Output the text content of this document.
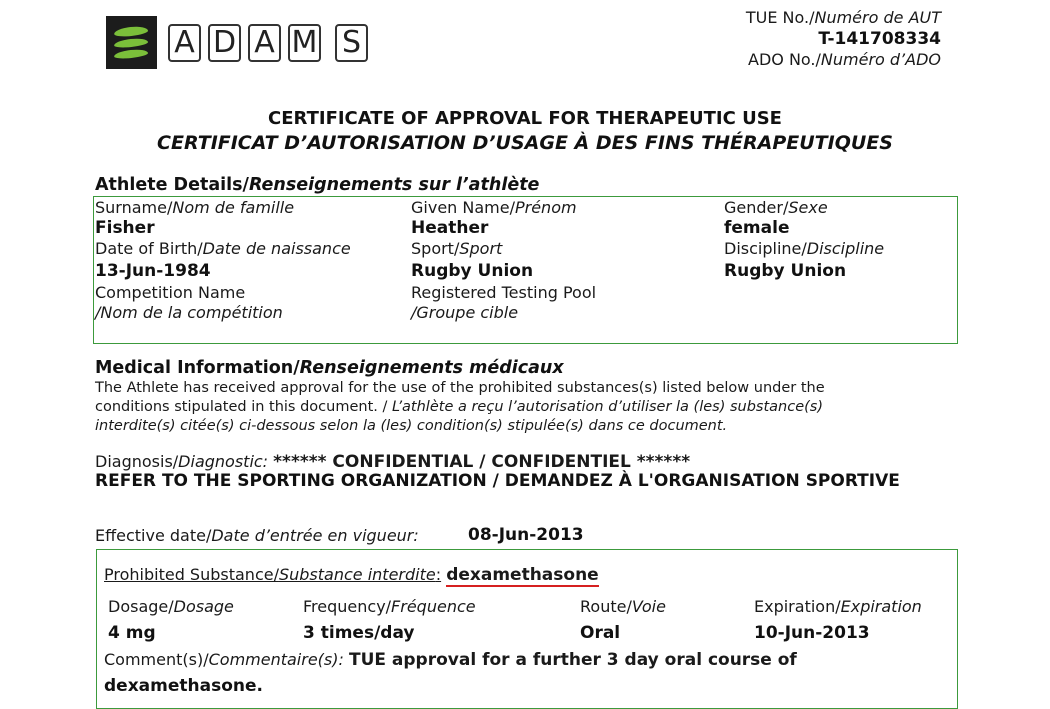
A D A M S
TUE No./Numéro de AUT
T-141708334
ADO No./Numéro d’ADO
CERTIFICATE OF APPROVAL FOR THERAPEUTIC USE
CERTIFICAT D’AUTORISATION D’USAGE À DES FINS THÉRAPEUTIQUES
Athlete Details/Renseignements sur l’athlète
Surname/Nom de famille
Fisher
Given Name/Prénom
Heather
Gender/Sexe
female
Date of Birth/Date de naissance
13-Jun-1984
Sport/Sport
Rugby Union
Discipline/Discipline
Rugby Union
Competition Name
/Nom de la compétition
Registered Testing Pool
/Groupe cible
Medical Information/Renseignements médicaux
The Athlete has received approval for the use of the prohibited substances(s) listed below under the
conditions stipulated in this document. / L’athlète a reçu l’autorisation d’utiliser la (les) substance(s)
interdite(s) citée(s) ci-dessous selon la (les) condition(s) stipulée(s) dans ce document.
Diagnosis/Diagnostic: ****** CONFIDENTIAL / CONFIDENTIEL ******
REFER TO THE SPORTING ORGANIZATION / DEMANDEZ À L'ORGANISATION SPORTIVE
Effective date/Date d’entrée en vigueur:	08-Jun-2013
Prohibited Substance/Substance interdite: dexamethasone
Dosage/Dosage
4 mg
Frequency/Fréquence
3 times/day
Route/Voie
Oral
Expiration/Expiration
10-Jun-2013
Comment(s)/Commentaire(s): TUE approval for a further 3 day oral course of
dexamethasone.
